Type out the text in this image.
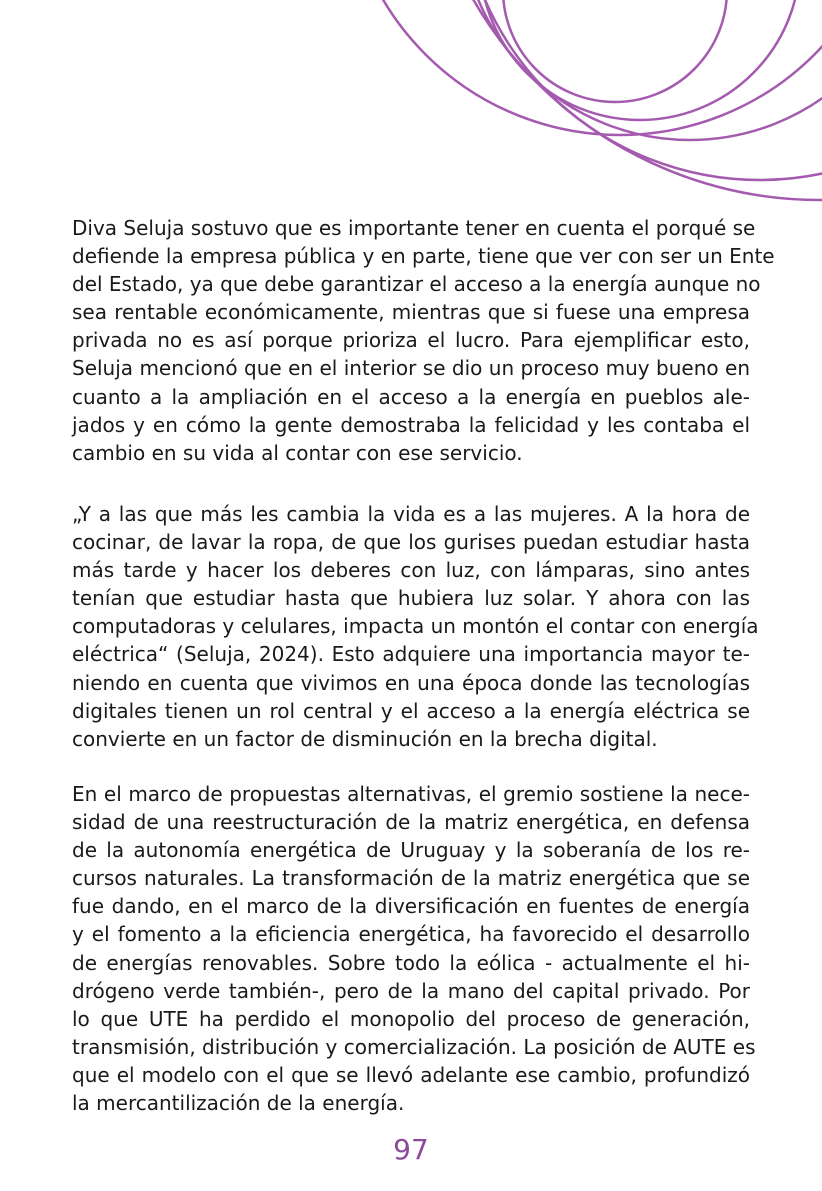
Diva Seluja sostuvo que es importante tener en cuenta el porqué se
defiende la empresa pública y en parte, tiene que ver con ser un Ente
del Estado, ya que debe garantizar el acceso a la energía aunque no
sea rentable económicamente, mientras que si fuese una empresa
privada no es así porque prioriza el lucro. Para ejemplificar esto,
Seluja mencionó que en el interior se dio un proceso muy bueno en
cuanto a la ampliación en el acceso a la energía en pueblos ale-
jados y en cómo la gente demostraba la felicidad y les contaba el
cambio en su vida al contar con ese servicio.
„Y a las que más les cambia la vida es a las mujeres. A la hora de
cocinar, de lavar la ropa, de que los gurises puedan estudiar hasta
más tarde y hacer los deberes con luz, con lámparas, sino antes
tenían que estudiar hasta que hubiera luz solar. Y ahora con las
computadoras y celulares, impacta un montón el contar con energía
eléctrica“ (Seluja, 2024). Esto adquiere una importancia mayor te-
niendo en cuenta que vivimos en una época donde las tecnologías
digitales tienen un rol central y el acceso a la energía eléctrica se
convierte en un factor de disminución en la brecha digital.
En el marco de propuestas alternativas, el gremio sostiene la nece-
sidad de una reestructuración de la matriz energética, en defensa
de la autonomía energética de Uruguay y la soberanía de los re-
cursos naturales. La transformación de la matriz energética que se
fue dando, en el marco de la diversificación en fuentes de energía
y el fomento a la eficiencia energética, ha favorecido el desarrollo
de energías renovables. Sobre todo la eólica - actualmente el hi-
drógeno verde también-, pero de la mano del capital privado. Por
lo que UTE ha perdido el monopolio del proceso de generación,
transmisión, distribución y comercialización. La posición de AUTE es
que el modelo con el que se llevó adelante ese cambio, profundizó
la mercantilización de la energía.
97
